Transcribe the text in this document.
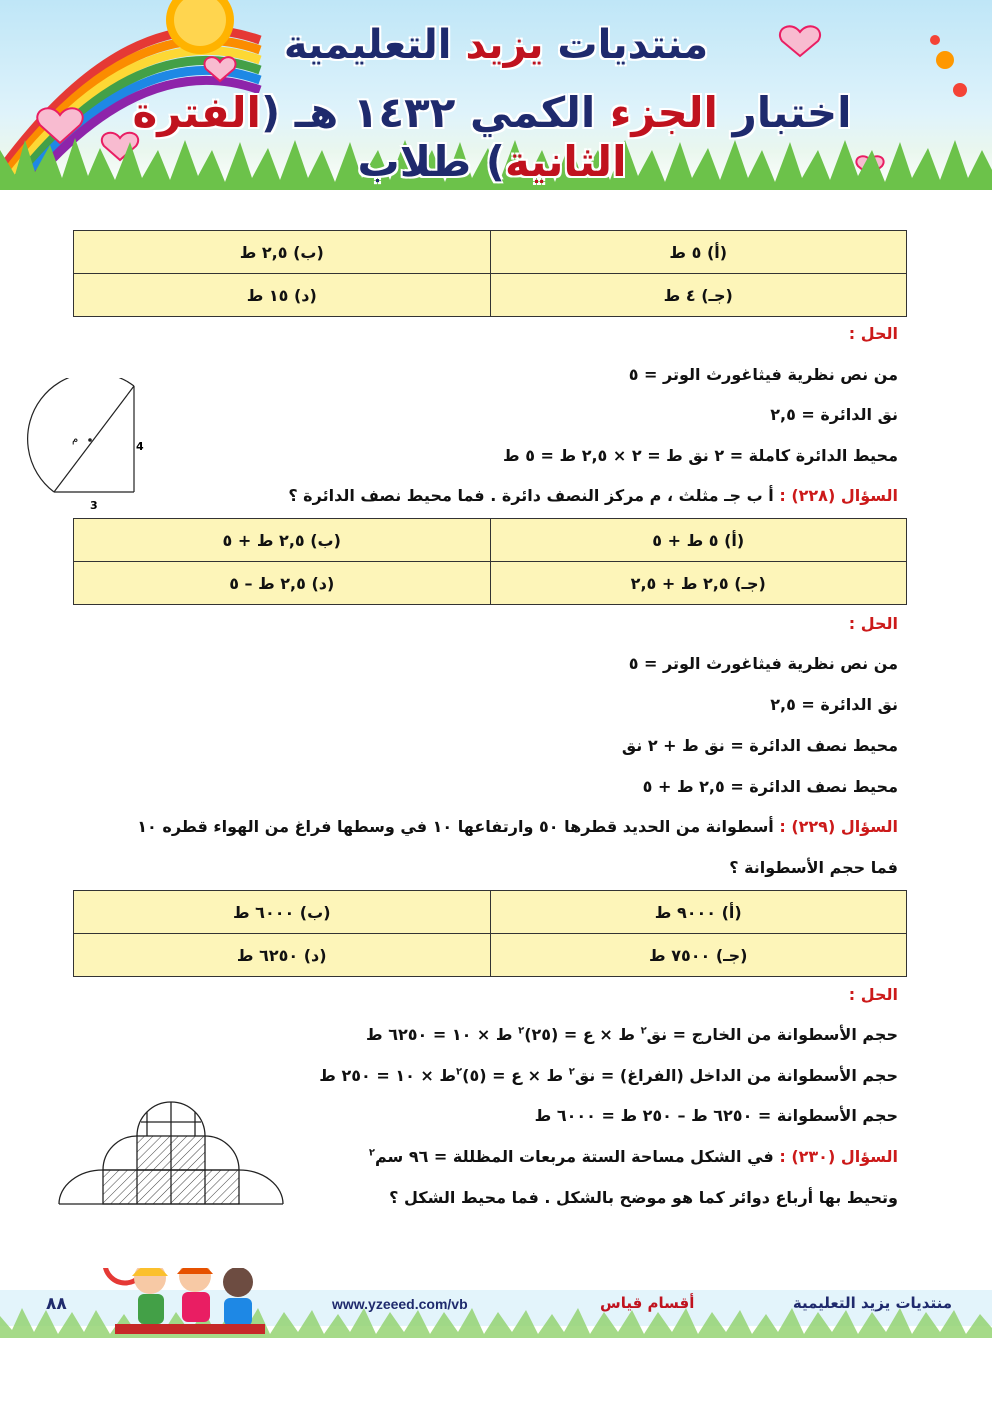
منتديات يزيد التعليمية
اختبار الجزء الكمي ١٤٣٢ هـ (الفترة الثانية) طلاب
(أ) ٥ ط	(ب) ٢,٥ ط
(جـ) ٤ ط	(د) ١٥ ط
الحل :
من نص نظرية فيثاغورث الوتر = ٥
نق الدائرة = ٢,٥
محيط الدائرة كاملة = ٢ نق ط = ٢ × ٢,٥ ط = ٥ ط
م
4
3
السؤال (٢٢٨) : أ ب جـ مثلث ، م مركز النصف دائرة . فما محيط نصف الدائرة ؟
(أ) ٥ ط + ٥	(ب) ٢,٥ ط + ٥
(جـ) ٢,٥ ط + ٢,٥	(د) ٢,٥ ط – ٥
الحل :
من نص نظرية فيثاغورث الوتر = ٥
نق الدائرة = ٢,٥
محيط نصف الدائرة = نق ط + ٢ نق
محيط نصف الدائرة = ٢,٥ ط + ٥
السؤال (٢٢٩) : أسطوانة من الحديد قطرها ٥٠ وارتفاعها ١٠ في وسطها فراغ من الهواء قطره ١٠
فما حجم الأسطوانة ؟
(أ) ٩٠٠٠ ط	(ب) ٦٠٠٠ ط
(جـ) ٧٥٠٠ ط	(د) ٦٢٥٠ ط
الحل :
حجم الأسطوانة من الخارج = نق$^٢$ ط × ع = (٢٥)$^٢$ ط × ١٠ = ٦٢٥٠ ط
حجم الأسطوانة من الداخل (الفراغ) = نق$^٢$ ط × ع = (٥)$^٢$ط × ١٠ = ٢٥٠ ط
حجم الأسطوانة = ٦٢٥٠ ط – ٢٥٠ ط = ٦٠٠٠ ط
السؤال (٢٣٠) : في الشكل مساحة الستة مربعات المظللة = ٩٦ سم$^٢$
وتحيط بها أرباع دوائر كما هو موضح بالشكل . فما محيط الشكل ؟
منتديات يزيد التعليمية
أقسام قياس
www.yzeeed.com/vb
٨٨
